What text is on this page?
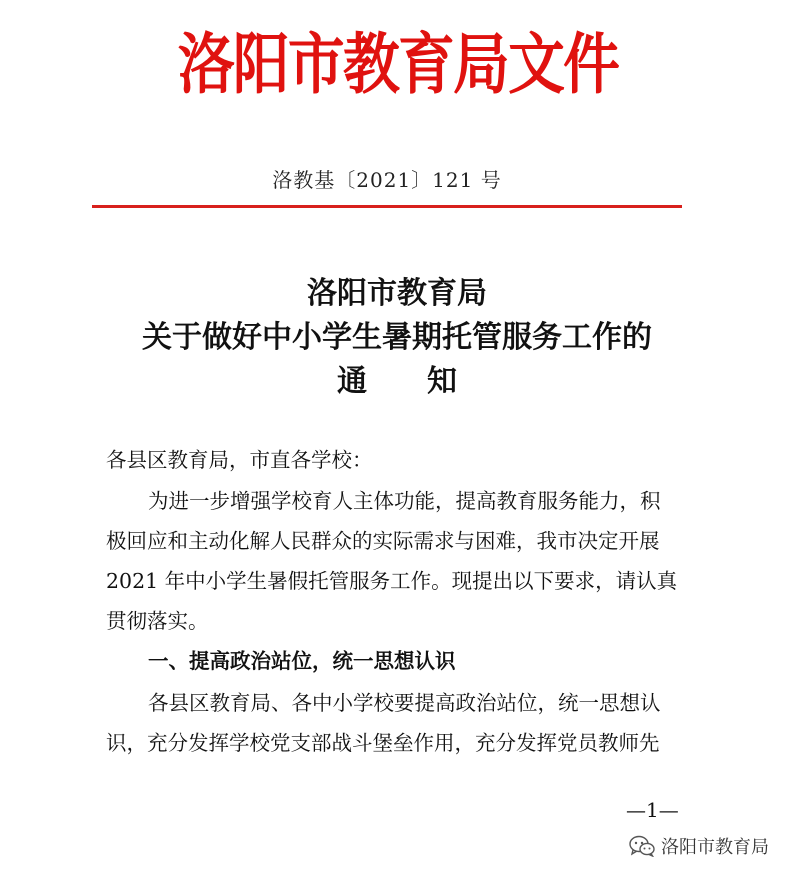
洛阳市教育局文件
洛教基〔2021〕121 号
洛阳市教育局
关于做好中小学生暑期托管服务工作的
通知
各县区教育局，市直各学校：
为进一步增强学校育人主体功能，提高教育服务能力，积
极回应和主动化解人民群众的实际需求与困难，我市决定开展
2021 年中小学生暑假托管服务工作。现提出以下要求，请认真
贯彻落实。
一、提高政治站位，统一思想认识
各县区教育局、各中小学校要提高政治站位，统一思想认
识，充分发挥学校党支部战斗堡垒作用，充分发挥党员教师先
—1—
洛阳市教育局
